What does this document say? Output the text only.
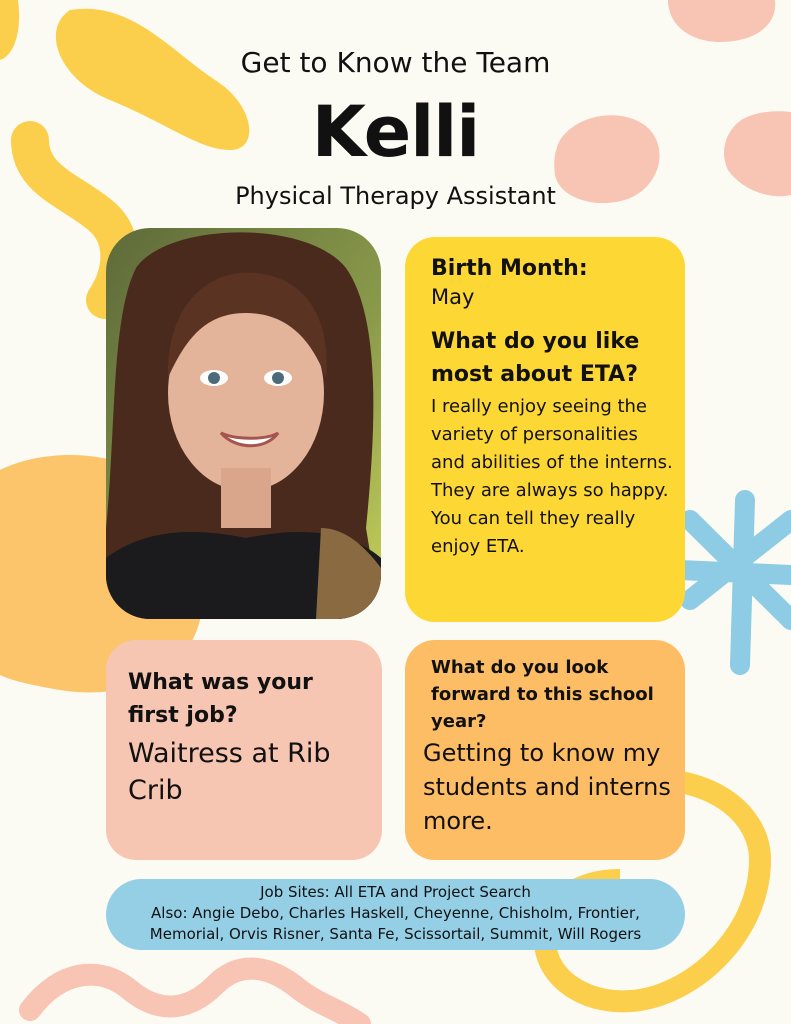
Get to Know the Team
Kelli
Physical Therapy Assistant
Birth Month:
May
What do you like most about ETA?
I really enjoy seeing the variety of personalities and abilities of the interns. They are always so happy. You can tell they really enjoy ETA.
What was your first job?
Waitress at Rib Crib
What do you look forward to this school year?
Getting to know my students and interns more.
Job Sites: All ETA and Project Search
Also: Angie Debo, Charles Haskell, Cheyenne, Chisholm, Frontier, Memorial, Orvis Risner, Santa Fe, Scissortail, Summit, Will Rogers
